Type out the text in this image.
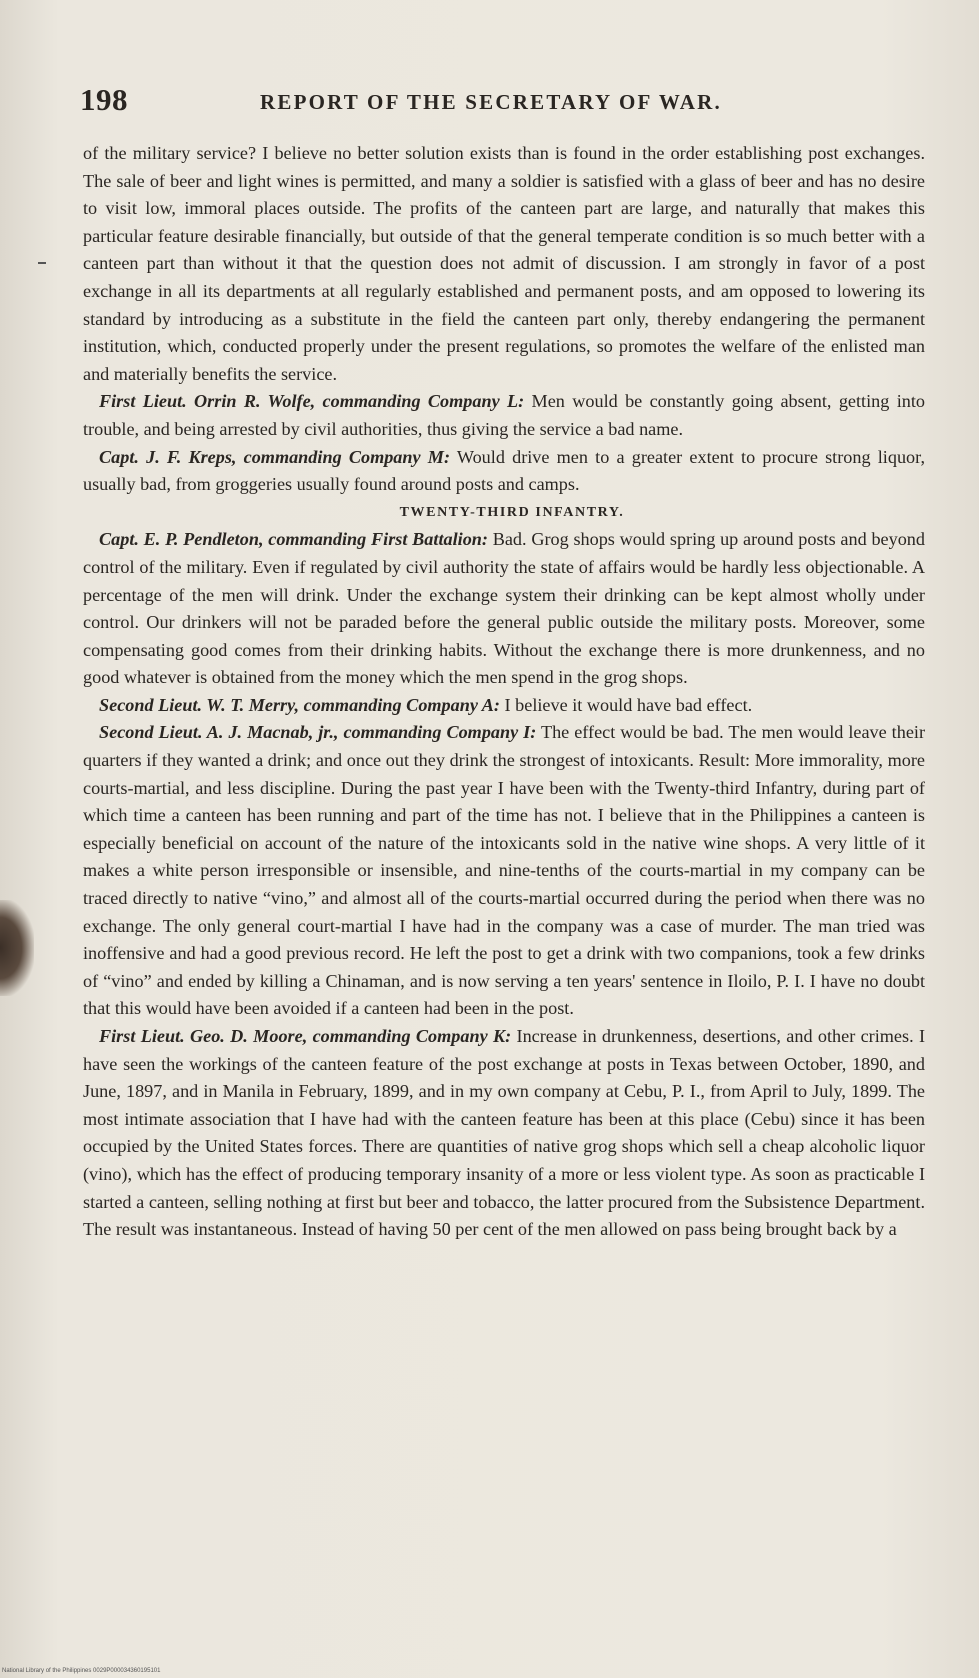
198	REPORT OF THE SECRETARY OF WAR.

of the military service? I believe no better solution exists than is found in the order establishing post exchanges. The sale of beer and light wines is permitted, and many a soldier is satisfied with a glass of beer and has no desire to visit low, immoral places outside. The profits of the canteen part are large, and naturally that makes this particular feature desirable financially, but outside of that the general temperate condition is so much better with a canteen part than without it that the question does not admit of discussion. I am strongly in favor of a post exchange in all its departments at all regularly established and permanent posts, and am opposed to lowering its standard by introducing as a substitute in the field the canteen part only, thereby endangering the permanent institution, which, conducted properly under the present regulations, so promotes the welfare of the enlisted man and materially benefits the service.

First Lieut. Orrin R. Wolfe, commanding Company L: Men would be constantly going absent, getting into trouble, and being arrested by civil authorities, thus giving the service a bad name.

Capt. J. F. Kreps, commanding Company M: Would drive men to a greater extent to procure strong liquor, usually bad, from groggeries usually found around posts and camps.

TWENTY-THIRD INFANTRY.

Capt. E. P. Pendleton, commanding First Battalion: Bad. Grog shops would spring up around posts and beyond control of the military. Even if regulated by civil authority the state of affairs would be hardly less objectionable. A percentage of the men will drink. Under the exchange system their drinking can be kept almost wholly under control. Our drinkers will not be paraded before the general public outside the military posts. Moreover, some compensating good comes from their drinking habits. Without the exchange there is more drunkenness, and no good whatever is obtained from the money which the men spend in the grog shops.

Second Lieut. W. T. Merry, commanding Company A: I believe it would have bad effect.

Second Lieut. A. J. Macnab, jr., commanding Company I: The effect would be bad. The men would leave their quarters if they wanted a drink; and once out they drink the strongest of intoxicants. Result: More immorality, more courts-martial, and less discipline. During the past year I have been with the Twenty-third Infantry, during part of which time a canteen has been running and part of the time has not. I believe that in the Philippines a canteen is especially beneficial on account of the nature of the intoxicants sold in the native wine shops. A very little of it makes a white person irresponsible or insensible, and nine-tenths of the courts-martial in my company can be traced directly to native “vino,” and almost all of the courts-martial occurred during the period when there was no exchange. The only general court-martial I have had in the company was a case of murder. The man tried was inoffensive and had a good previous record. He left the post to get a drink with two companions, took a few drinks of “vino” and ended by killing a Chinaman, and is now serving a ten years' sentence in Iloilo, P. I. I have no doubt that this would have been avoided if a canteen had been in the post.

First Lieut. Geo. D. Moore, commanding Company K: Increase in drunkenness, desertions, and other crimes. I have seen the workings of the canteen feature of the post exchange at posts in Texas between October, 1890, and June, 1897, and in Manila in February, 1899, and in my own company at Cebu, P. I., from April to July, 1899. The most intimate association that I have had with the canteen feature has been at this place (Cebu) since it has been occupied by the United States forces. There are quantities of native grog shops which sell a cheap alcoholic liquor (vino), which has the effect of producing temporary insanity of a more or less violent type. As soon as practicable I started a canteen, selling nothing at first but beer and tobacco, the latter procured from the Subsistence Department. The result was instantaneous. Instead of having 50 per cent of the men allowed on pass being brought back by a

National Library of the Philippines 0029P000034360195101
